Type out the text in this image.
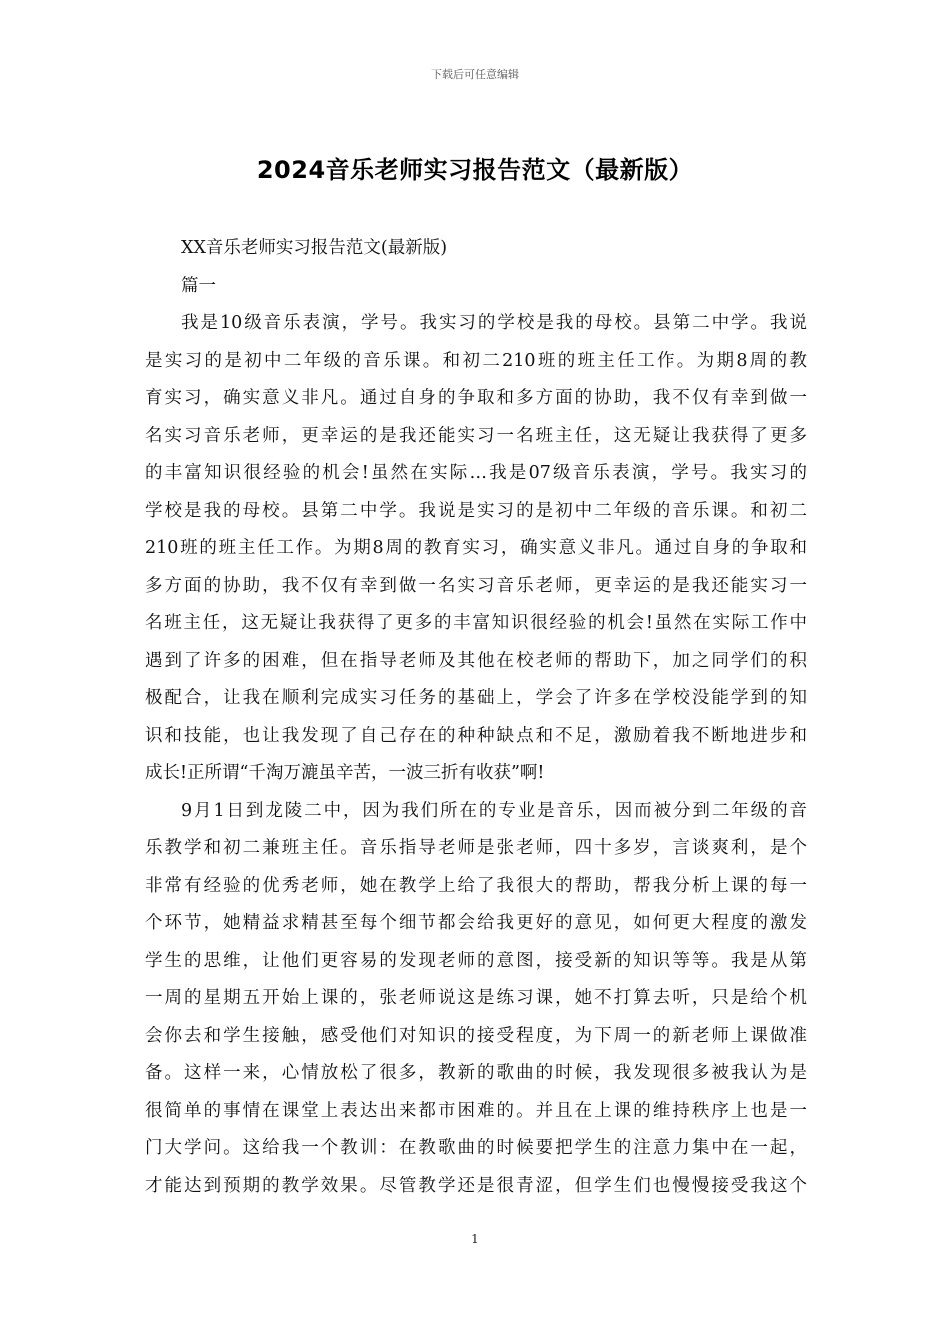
下载后可任意编辑
2024音乐老师实习报告范文（最新版）
XX音乐老师实习报告范文(最新版)
篇一
我是10级音乐表演，学号。我实习的学校是我的母校。县第二中学。我说
是实习的是初中二年级的音乐课。和初二210班的班主任工作。为期8周的教
育实习，确实意义非凡。通过自身的争取和多方面的协助，我不仅有幸到做一
名实习音乐老师，更幸运的是我还能实习一名班主任，这无疑让我获得了更多
的丰富知识很经验的机会!虽然在实际…我是07级音乐表演，学号。我实习的
学校是我的母校。县第二中学。我说是实习的是初中二年级的音乐课。和初二
210班的班主任工作。为期8周的教育实习，确实意义非凡。通过自身的争取和
多方面的协助，我不仅有幸到做一名实习音乐老师，更幸运的是我还能实习一
名班主任，这无疑让我获得了更多的丰富知识很经验的机会!虽然在实际工作中
遇到了许多的困难，但在指导老师及其他在校老师的帮助下，加之同学们的积
极配合，让我在顺利完成实习任务的基础上，学会了许多在学校没能学到的知
识和技能，也让我发现了自己存在的种种缺点和不足，激励着我不断地进步和
成长!正所谓“千淘万漉虽辛苦，一波三折有收获”啊!
9月1日到龙陵二中，因为我们所在的专业是音乐，因而被分到二年级的音
乐教学和初二兼班主任。音乐指导老师是张老师，四十多岁，言谈爽利，是个
非常有经验的优秀老师，她在教学上给了我很大的帮助，帮我分析上课的每一
个环节，她精益求精甚至每个细节都会给我更好的意见，如何更大程度的激发
学生的思维，让他们更容易的发现老师的意图，接受新的知识等等。我是从第
一周的星期五开始上课的，张老师说这是练习课，她不打算去听，只是给个机
会你去和学生接触，感受他们对知识的接受程度，为下周一的新老师上课做准
备。这样一来，心情放松了很多，教新的歌曲的时候，我发现很多被我认为是
很简单的事情在课堂上表达出来都市困难的。并且在上课的维持秩序上也是一
门大学问。这给我一个教训：在教歌曲的时候要把学生的注意力集中在一起，
才能达到预期的教学效果。尽管教学还是很青涩，但学生们也慢慢接受我这个
1
